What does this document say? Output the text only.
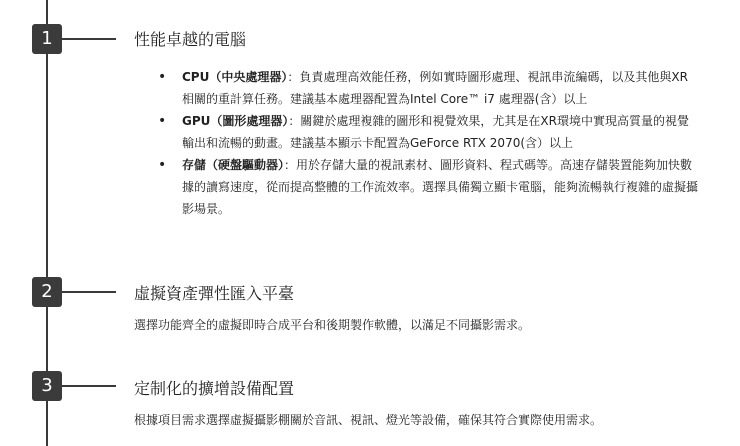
1	性能卓越的電腦
• CPU（中央處理器）：負責處理高效能任務，例如實時圖形處理、視訊串流編碼，以及其他與XR相關的重計算任務。建議基本處理器配置為Intel Core™ i7 處理器(含）以上
• GPU（圖形處理器）：關鍵於處理複雜的圖形和視覺效果，尤其是在XR環境中實現高質量的視覺輸出和流暢的動畫。建議基本顯示卡配置為GeForce RTX 2070(含）以上
• 存儲（硬盤驅動器）：用於存儲大量的視訊素材、圖形資料、程式碼等。高速存儲裝置能夠加快數據的讀寫速度，從而提高整體的工作流效率。選擇具備獨立顯卡電腦，能夠流暢執行複雜的虛擬攝影場景。
2	虛擬資產彈性匯入平臺
選擇功能齊全的虛擬即時合成平台和後期製作軟體，以滿足不同攝影需求。
3	定制化的擴增設備配置
根據項目需求選擇虛擬攝影棚關於音訊、視訊、燈光等設備，確保其符合實際使用需求。
